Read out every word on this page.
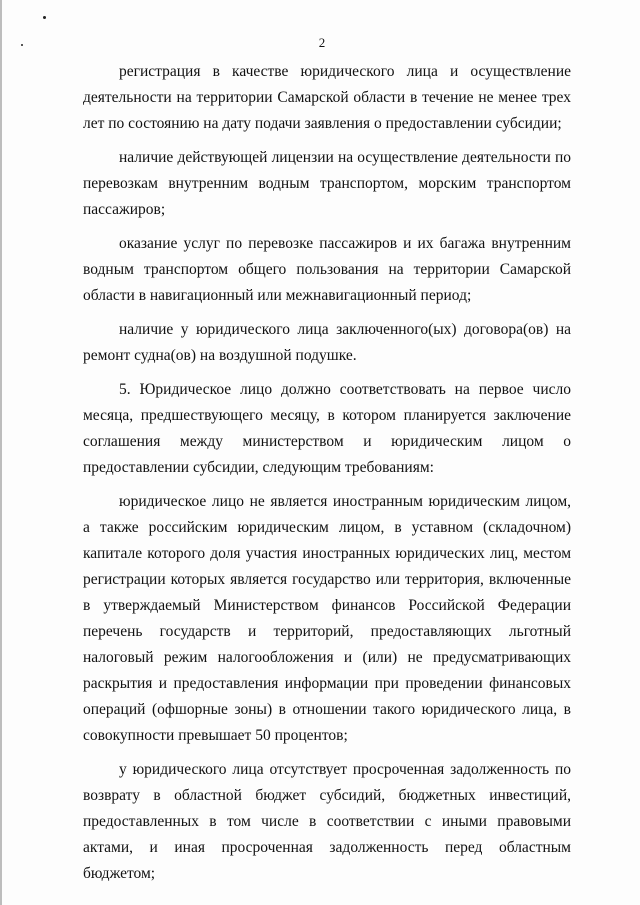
2

регистрация в качестве юридического лица и осуществление деятельности на территории Самарской области в течение не менее трех лет по состоянию на дату подачи заявления о предоставлении субсидии;

наличие действующей лицензии на осуществление деятельности по перевозкам внутренним водным транспортом, морским транспортом пассажиров;

оказание услуг по перевозке пассажиров и их багажа внутренним водным транспортом общего пользования на территории Самарской области в навигационный или межнавигационный период;

наличие у юридического лица заключенного(ых) договора(ов) на ремонт судна(ов) на воздушной подушке.

5. Юридическое лицо должно соответствовать на первое число месяца, предшествующего месяцу, в котором планируется заключение соглашения между министерством и юридическим лицом о предоставлении субсидии, следующим требованиям:

юридическое лицо не является иностранным юридическим лицом, а также российским юридическим лицом, в уставном (складочном) капитале которого доля участия иностранных юридических лиц, местом регистрации которых является государство или территория, включенные в утверждаемый Министерством финансов Российской Федерации перечень государств и территорий, предоставляющих льготный налоговый режим налогообложения и (или) не предусматривающих раскрытия и предоставления информации при проведении финансовых операций (офшорные зоны) в отношении такого юридического лица, в совокупности превышает 50 процентов;

у юридического лица отсутствует просроченная задолженность по возврату в областной бюджет субсидий, бюджетных инвестиций, предоставленных в том числе в соответствии с иными правовыми актами, и иная просроченная задолженность перед областным бюджетом;
